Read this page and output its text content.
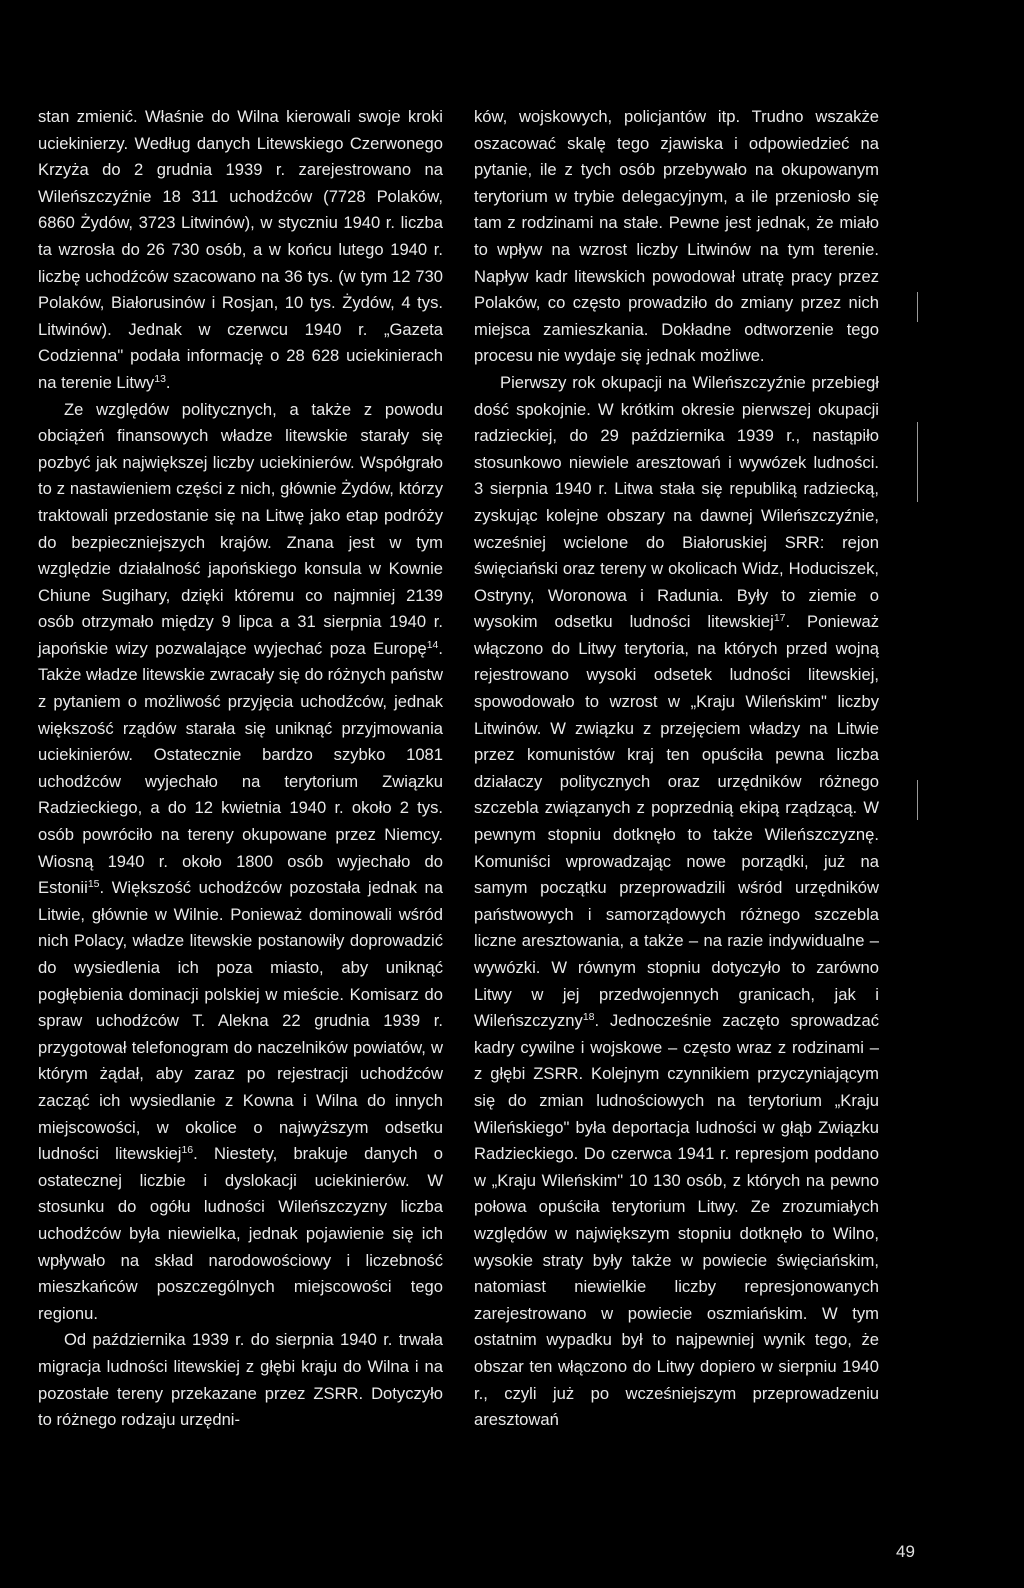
stan zmienić. Właśnie do Wilna kierowali swoje kroki uciekinierzy. Według danych Litewskiego Czerwonego Krzyża do 2 grudnia 1939 r. zarejestrowano na Wileńszczyźnie 18 311 uchodźców (7728 Polaków, 6860 Żydów, 3723 Litwinów), w styczniu 1940 r. liczba ta wzrosła do 26 730 osób, a w końcu lutego 1940 r. liczbę uchodźców szacowano na 36 tys. (w tym 12 730 Polaków, Białorusinów i Rosjan, 10 tys. Żydów, 4 tys. Litwinów). Jednak w czerwcu 1940 r. „Gazeta Codzienna" podała informację o 28 628 uciekinierach na terenie Litwy$^{13}$.

Ze względów politycznych, a także z powodu obciążeń finansowych władze litewskie starały się pozbyć jak największej liczby uciekinierów. Współgrało to z nastawieniem części z nich, głównie Żydów, którzy traktowali przedostanie się na Litwę jako etap podróży do bezpieczniejszych krajów. Znana jest w tym względzie działalność japońskiego konsula w Kownie Chiune Sugihary, dzięki któremu co najmniej 2139 osób otrzymało między 9 lipca a 31 sierpnia 1940 r. japońskie wizy pozwalające wyjechać poza Europę$^{14}$. Także władze litewskie zwracały się do różnych państw z pytaniem o możliwość przyjęcia uchodźców, jednak większość rządów starała się uniknąć przyjmowania uciekinierów. Ostatecznie bardzo szybko 1081 uchodźców wyjechało na terytorium Związku Radzieckiego, a do 12 kwietnia 1940 r. około 2 tys. osób powróciło na tereny okupowane przez Niemcy. Wiosną 1940 r. około 1800 osób wyjechało do Estonii$^{15}$. Większość uchodźców pozostała jednak na Litwie, głównie w Wilnie. Ponieważ dominowali wśród nich Polacy, władze litewskie postanowiły doprowadzić do wysiedlenia ich poza miasto, aby uniknąć pogłębienia dominacji polskiej w mieście. Komisarz do spraw uchodźców T. Alekna 22 grudnia 1939 r. przygotował telefonogram do naczelników powiatów, w którym żądał, aby zaraz po rejestracji uchodźców zacząć ich wysiedlanie z Kowna i Wilna do innych miejscowości, w okolice o najwyższym odsetku ludności litewskiej$^{16}$. Niestety, brakuje danych o ostatecznej liczbie i dyslokacji uciekinierów. W stosunku do ogółu ludności Wileńszczyzny liczba uchodźców była niewielka, jednak pojawienie się ich wpływało na skład narodowościowy i liczebność mieszkańców poszczególnych miejscowości tego regionu.

Od października 1939 r. do sierpnia 1940 r. trwała migracja ludności litewskiej z głębi kraju do Wilna i na pozostałe tereny przekazane przez ZSRR. Dotyczyło to różnego rodzaju urzędni-

ków, wojskowych, policjantów itp. Trudno wszakże oszacować skalę tego zjawiska i odpowiedzieć na pytanie, ile z tych osób przebywało na okupowanym terytorium w trybie delegacyjnym, a ile przeniosło się tam z rodzinami na stałe. Pewne jest jednak, że miało to wpływ na wzrost liczby Litwinów na tym terenie. Napływ kadr litewskich powodował utratę pracy przez Polaków, co często prowadziło do zmiany przez nich miejsca zamieszkania. Dokładne odtworzenie tego procesu nie wydaje się jednak możliwe.

Pierwszy rok okupacji na Wileńszczyźnie przebiegł dość spokojnie. W krótkim okresie pierwszej okupacji radzieckiej, do 29 października 1939 r., nastąpiło stosunkowo niewiele aresztowań i wywózek ludności. 3 sierpnia 1940 r. Litwa stała się republiką radziecką, zyskując kolejne obszary na dawnej Wileńszczyźnie, wcześniej wcielone do Białoruskiej SRR: rejon święciański oraz tereny w okolicach Widz, Hoduciszek, Ostryny, Woronowa i Radunia. Były to ziemie o wysokim odsetku ludności litewskiej$^{17}$. Ponieważ włączono do Litwy terytoria, na których przed wojną rejestrowano wysoki odsetek ludności litewskiej, spowodowało to wzrost w „Kraju Wileńskim" liczby Litwinów. W związku z przejęciem władzy na Litwie przez komunistów kraj ten opuściła pewna liczba działaczy politycznych oraz urzędników różnego szczebla związanych z poprzednią ekipą rządzącą. W pewnym stopniu dotknęło to także Wileńszczyznę. Komuniści wprowadzając nowe porządki, już na samym początku przeprowadzili wśród urzędników państwowych i samorządowych różnego szczebla liczne aresztowania, a także – na razie indywidualne – wywózki. W równym stopniu dotyczyło to zarówno Litwy w jej przedwojennych granicach, jak i Wileńszczyzny$^{18}$. Jednocześnie zaczęto sprowadzać kadry cywilne i wojskowe – często wraz z rodzinami – z głębi ZSRR. Kolejnym czynnikiem przyczyniającym się do zmian ludnościowych na terytorium „Kraju Wileńskiego" była deportacja ludności w głąb Związku Radzieckiego. Do czerwca 1941 r. represjom poddano w „Kraju Wileńskim" 10 130 osób, z których na pewno połowa opuściła terytorium Litwy. Ze zrozumiałych względów w największym stopniu dotknęło to Wilno, wysokie straty były także w powiecie święciańskim, natomiast niewielkie liczby represjonowanych zarejestrowano w powiecie oszmiańskim. W tym ostatnim wypadku był to najpewniej wynik tego, że obszar ten włączono do Litwy dopiero w sierpniu 1940 r., czyli już po wcześniejszym przeprowadzeniu aresztowań

49
